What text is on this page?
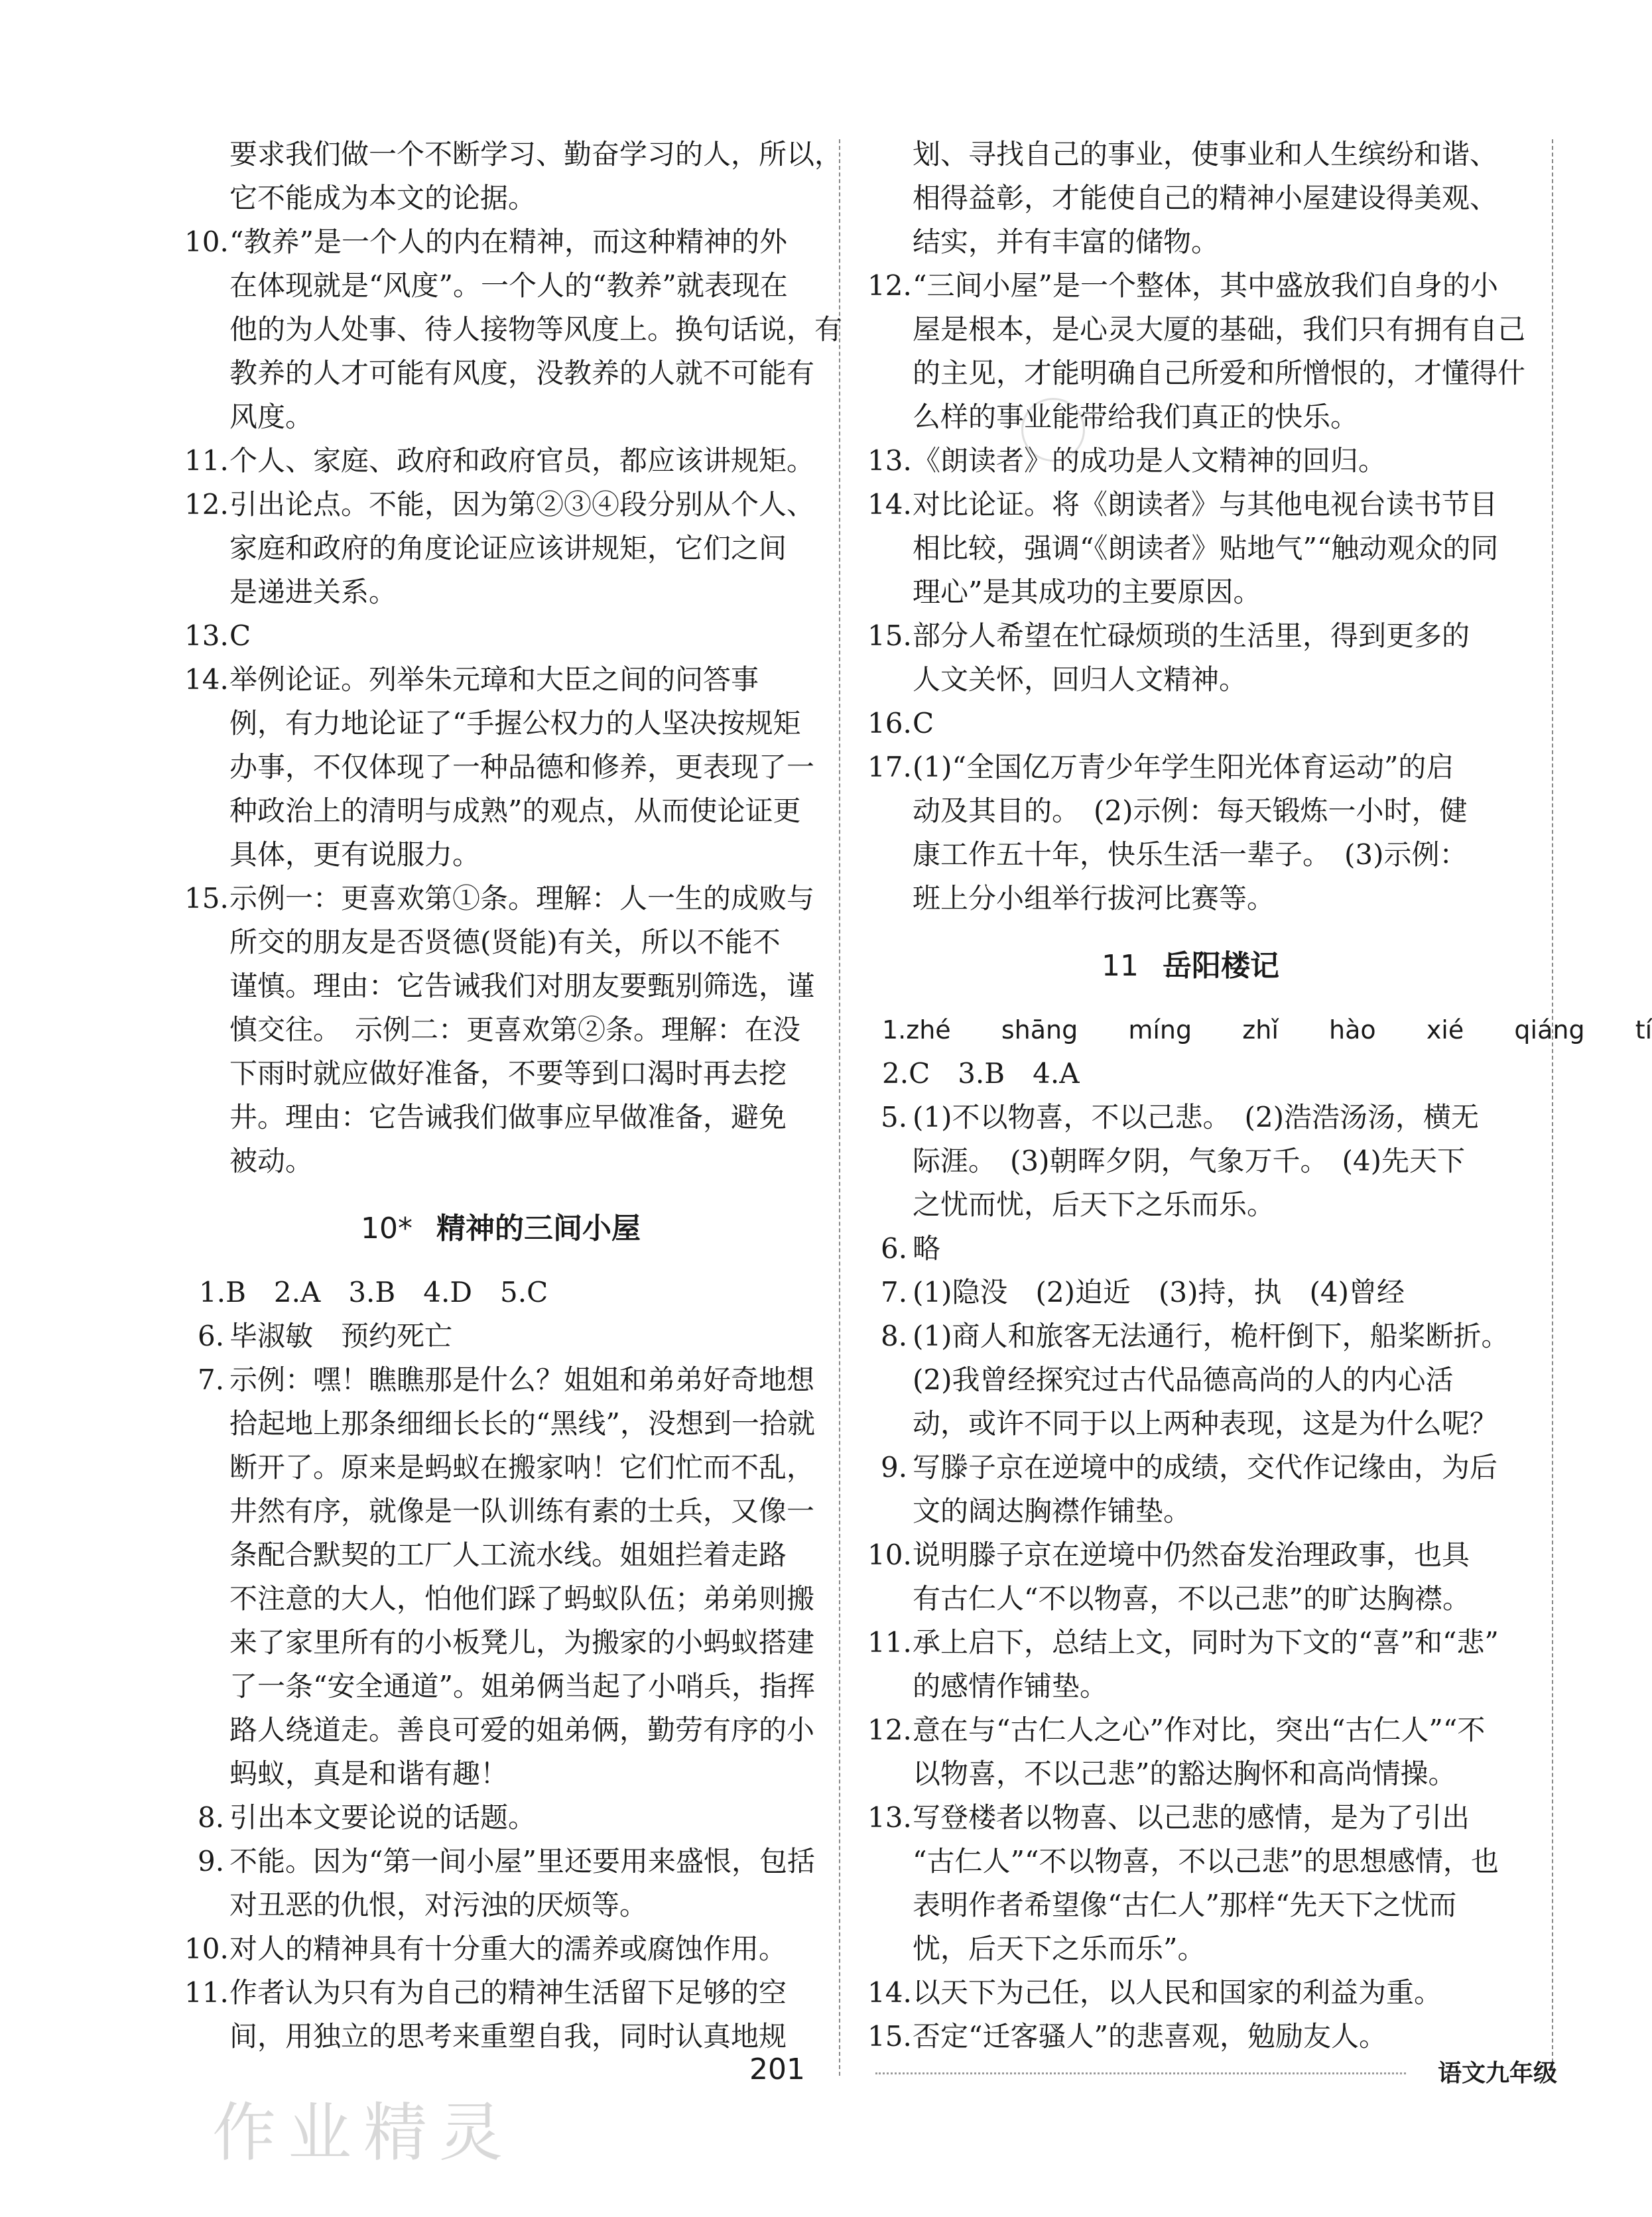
要求我们做一个不断学习、勤奋学习的人，所以，
它不能成为本文的论据。
10. “教养”是一个人的内在精神，而这种精神的外
在体现就是“风度”。一个人的“教养”就表现在
他的为人处事、待人接物等风度上。换句话说，有
教养的人才可能有风度，没教养的人就不可能有
风度。
11. 个人、家庭、政府和政府官员，都应该讲规矩。
12. 引出论点。不能，因为第②③④段分别从个人、
家庭和政府的角度论证应该讲规矩，它们之间
是递进关系。
13. C
14. 举例论证。列举朱元璋和大臣之间的问答事
例，有力地论证了“手握公权力的人坚决按规矩
办事，不仅体现了一种品德和修养，更表现了一
种政治上的清明与成熟”的观点，从而使论证更
具体，更有说服力。
15. 示例一：更喜欢第①条。理解：人一生的成败与
所交的朋友是否贤德(贤能)有关，所以不能不
谨慎。理由：它告诫我们对朋友要甄别筛选，谨
慎交往。　示例二：更喜欢第②条。理解：在没
下雨时就应做好准备，不要等到口渴时再去挖
井。理由：它告诫我们做事应早做准备，避免
被动。
10* 精神的三间小屋
1.B　2.A　3.B　4.D　5.C
6. 毕淑敏　预约死亡
7. 示例：嘿！瞧瞧那是什么？姐姐和弟弟好奇地想
拾起地上那条细细长长的“黑线”，没想到一拾就
断开了。原来是蚂蚁在搬家呐！它们忙而不乱，
井然有序，就像是一队训练有素的士兵，又像一
条配合默契的工厂人工流水线。姐姐拦着走路
不注意的大人，怕他们踩了蚂蚁队伍；弟弟则搬
来了家里所有的小板凳儿，为搬家的小蚂蚁搭建
了一条“安全通道”。姐弟俩当起了小哨兵，指挥
路人绕道走。善良可爱的姐弟俩，勤劳有序的小
蚂蚁，真是和谐有趣！
8. 引出本文要论说的话题。
9. 不能。因为“第一间小屋”里还要用来盛恨，包括
对丑恶的仇恨，对污浊的厌烦等。
10. 对人的精神具有十分重大的濡养或腐蚀作用。
11. 作者认为只有为自己的精神生活留下足够的空
间，用独立的思考来重塑自我，同时认真地规
划、寻找自己的事业，使事业和人生缤纷和谐、
相得益彰，才能使自己的精神小屋建设得美观、
结实，并有丰富的储物。
12. “三间小屋”是一个整体，其中盛放我们自身的小
屋是根本，是心灵大厦的基础，我们只有拥有自己
的主见，才能明确自己所爱和所憎恨的，才懂得什
么样的事业能带给我们真正的快乐。
13. 《朗读者》的成功是人文精神的回归。
14. 对比论证。将《朗读者》与其他电视台读书节目
相比较，强调“《朗读者》贴地气”“触动观众的同
理心”是其成功的主要原因。
15. 部分人希望在忙碌烦琐的生活里，得到更多的
人文关怀，回归人文精神。
16. C
17. (1)“全国亿万青少年学生阳光体育运动”的启
动及其目的。　(2)示例：每天锻炼一小时，健
康工作五十年，快乐生活一辈子。　(3)示例：
班上分小组举行拔河比赛等。
11 岳阳楼记
1.zhé  shāng  míng  zhǐ  hào  xié  qiáng  tí
2.C　3.B　4.A
5. (1)不以物喜，不以己悲。　(2)浩浩汤汤，横无
际涯。　(3)朝晖夕阴，气象万千。　(4)先天下
之忧而忧，后天下之乐而乐。
6. 略
7. (1)隐没　(2)迫近　(3)持，执　(4)曾经
8. (1)商人和旅客无法通行，桅杆倒下，船桨断折。
(2)我曾经探究过古代品德高尚的人的内心活
动，或许不同于以上两种表现，这是为什么呢？
9. 写滕子京在逆境中的成绩，交代作记缘由，为后
文的阔达胸襟作铺垫。
10. 说明滕子京在逆境中仍然奋发治理政事，也具
有古仁人“不以物喜，不以己悲”的旷达胸襟。
11. 承上启下，总结上文，同时为下文的“喜”和“悲”
的感情作铺垫。
12. 意在与“古仁人之心”作对比，突出“古仁人”“不
以物喜，不以己悲”的豁达胸怀和高尚情操。
13. 写登楼者以物喜、以己悲的感情，是为了引出
“古仁人”“不以物喜，不以己悲”的思想感情，也
表明作者希望像“古仁人”那样“先天下之忧而
忧，后天下之乐而乐”。
14. 以天下为己任，以人民和国家的利益为重。
15. 否定“迁客骚人”的悲喜观，勉励友人。
201	语文九年级
作业精灵
